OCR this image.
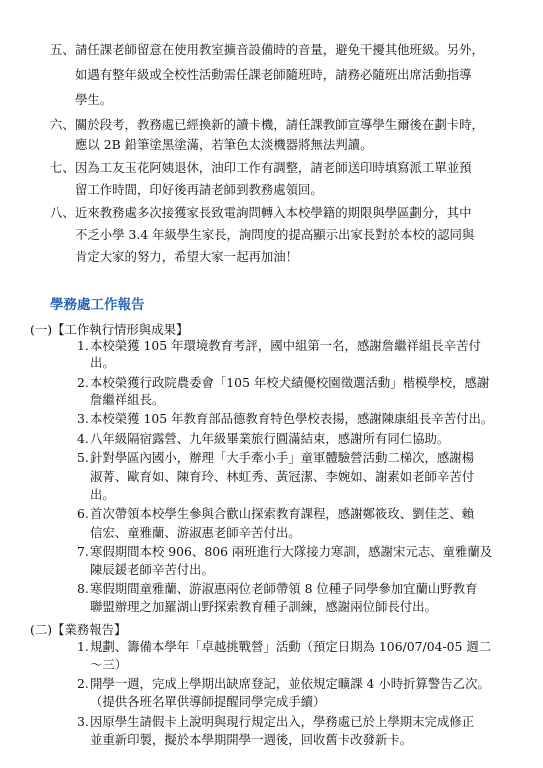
五、 請任課老師留意在使用教室擴音設備時的音量，避免干擾其他班級。另外，
如遇有整年級或全校性活動需任課老師隨班時，請務必隨班出席活動指導
學生。
六、 關於段考，教務處已經換新的讀卡機，請任課教師宣導學生爾後在劃卡時，
應以 2B 鉛筆塗黑塗滿，若筆色太淡機器將無法判讀。
七、 因為工友玉花阿姨退休，油印工作有調整，請老師送印時填寫派工單並預
留工作時間，印好後再請老師到教務處領回。
八、 近來教務處多次接獲家長致電詢問轉入本校學籍的期限與學區劃分，其中
不乏小學 3.4 年級學生家長，詢問度的提高顯示出家長對於本校的認同與
肯定大家的努力，希望大家一起再加油！
學務處工作報告
(一)【工作執行情形與成果】
1. 本校榮獲 105 年環境教育考評，國中組第一名，感謝詹繼祥組長辛苦付
出。
2. 本校榮獲行政院農委會「105 年校犬績優校園徵選活動」楷模學校，感謝
詹繼祥組長。
3. 本校榮獲 105 年教育部品德教育特色學校表揚，感謝陳康組長辛苦付出。
4. 八年級隔宿露營、九年級畢業旅行圓滿結束，感謝所有同仁協助。
5. 針對學區內國小，辦理「大手牽小手」童軍體驗營活動二梯次，感謝楊
淑菁、歐育如、陳育玲、林虹秀、黃冠潔、李婉如、謝素如老師辛苦付
出。
6. 首次帶領本校學生參與合歡山探索教育課程，感謝鄭筱玫、劉佳芝、賴
信宏、童雅蘭、游淑惠老師辛苦付出。
7. 寒假期間本校 906、806 兩班進行大隊接力寒訓，感謝宋元志、童雅蘭及
陳辰鍰老師辛苦付出。
8. 寒假期間童雅蘭、游淑惠兩位老師帶領 8 位種子同學參加宜蘭山野教育
聯盟辦理之加羅湖山野探索教育種子訓練，感謝兩位師長付出。
(二)【業務報告】
1. 規劃、籌備本學年「卓越挑戰營」活動（預定日期為 106/07/04-05 週二
～三）
2. 開學一週，完成上學期出缺席登記，並依規定曠課 4 小時折算警告乙次。
（提供各班名單供導師提醒同學完成手續）
3. 因原學生請假卡上說明與現行規定出入，學務處已於上學期末完成修正
並重新印製，擬於本學期開學一週後，回收舊卡改發新卡。
